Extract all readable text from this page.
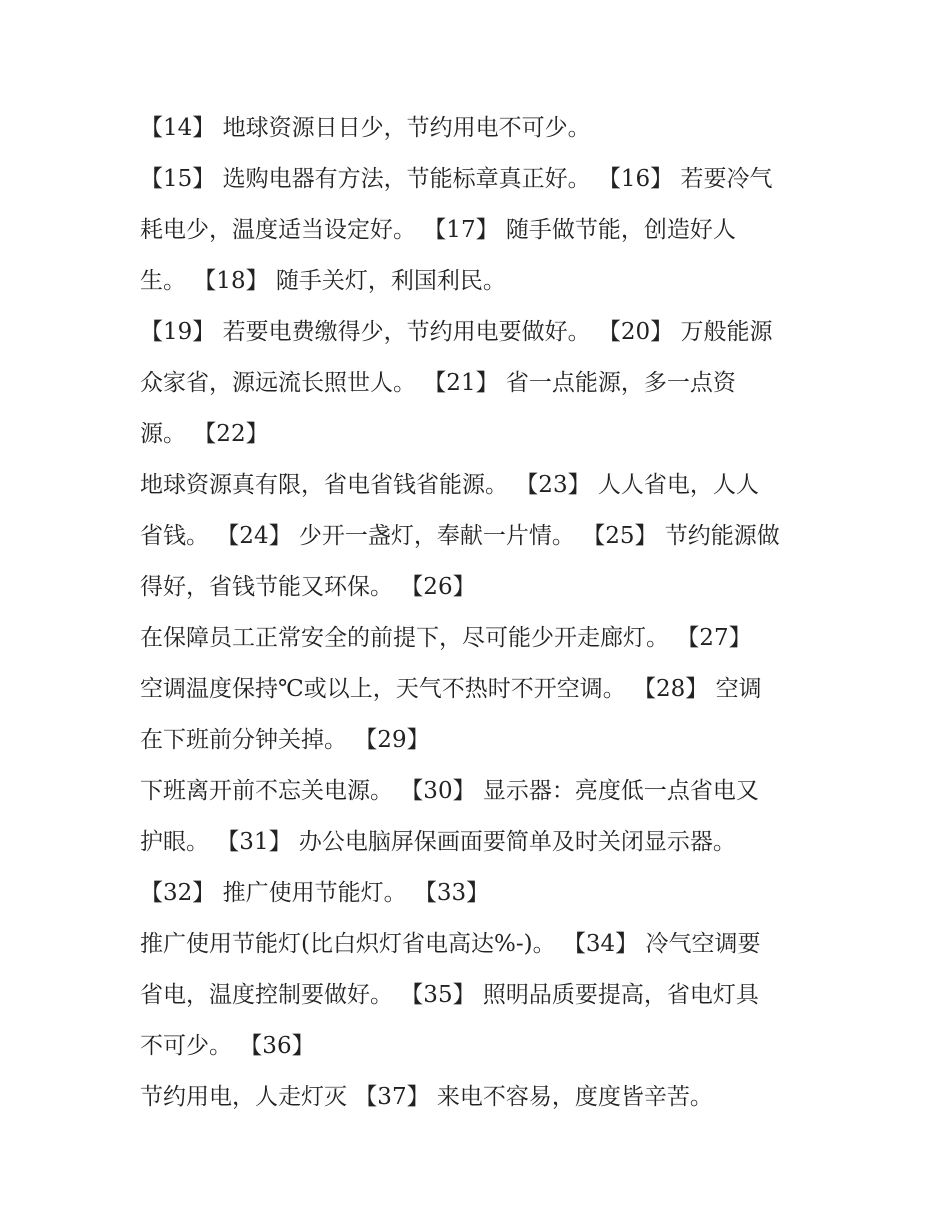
【14】 地球资源日日少，节约用电不可少。
【15】 选购电器有方法，节能标章真正好。 【16】 若要冷气
耗电少，温度适当设定好。 【17】 随手做节能，创造好人
生。 【18】 随手关灯，利国利民。
【19】 若要电费缴得少，节约用电要做好。 【20】 万般能源
众家省，源远流长照世人。 【21】 省一点能源，多一点资
源。 【22】
地球资源真有限，省电省钱省能源。 【23】 人人省电，人人
省钱。 【24】 少开一盏灯，奉献一片情。 【25】 节约能源做
得好，省钱节能又环保。 【26】
在保障员工正常安全的前提下，尽可能少开走廊灯。 【27】
空调温度保持℃或以上，天气不热时不开空调。 【28】 空调
在下班前分钟关掉。 【29】
下班离开前不忘关电源。 【30】 显示器：亮度低一点省电又
护眼。 【31】 办公电脑屏保画面要简单及时关闭显示器。
【32】 推广使用节能灯。 【33】
推广使用节能灯(比白炽灯省电高达%-)。 【34】 冷气空调要
省电，温度控制要做好。 【35】 照明品质要提高，省电灯具
不可少。 【36】
节约用电，人走灯灭 【37】 来电不容易，度度皆辛苦。
